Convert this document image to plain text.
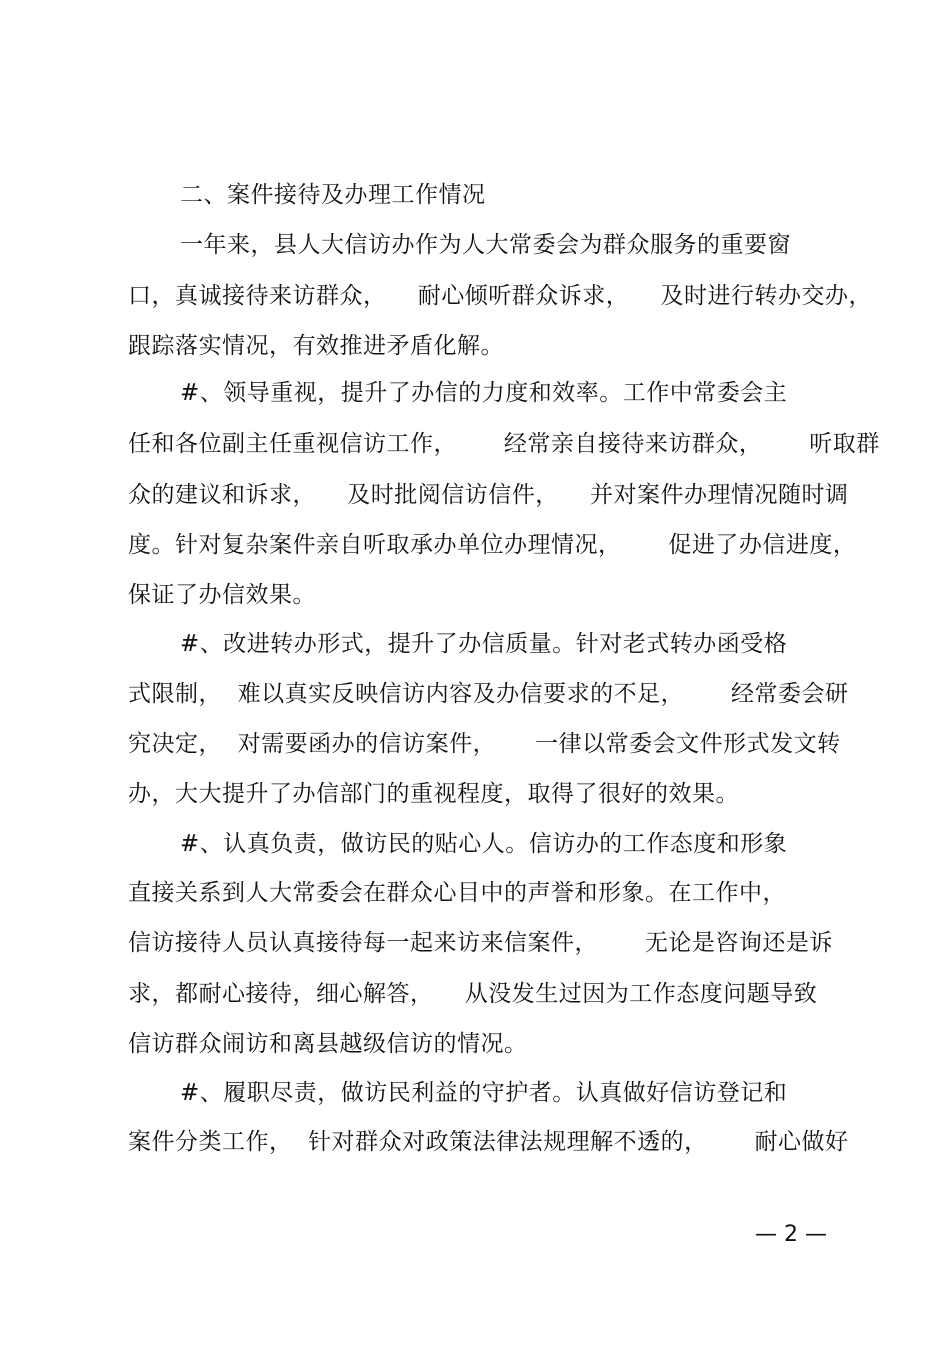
二、案件接待及办理工作情况
一年来，县人大信访办作为人大常委会为群众服务的重要窗
口，真诚接待来访群众，    耐心倾听群众诉求，    及时进行转办交办，
跟踪落实情况，有效推进矛盾化解。
#、领导重视，提升了办信的力度和效率。工作中常委会主
任和各位副主任重视信访工作，      经常亲自接待来访群众，      听取群
众的建议和诉求，    及时批阅信访信件，    并对案件办理情况随时调
度。针对复杂案件亲自听取承办单位办理情况，      促进了办信进度，
保证了办信效果。
#、改进转办形式，提升了办信质量。针对老式转办函受格
式限制，  难以真实反映信访内容及办信要求的不足，      经常委会研
究决定，  对需要函办的信访案件，     一律以常委会文件形式发文转
办，大大提升了办信部门的重视程度，取得了很好的效果。
#、认真负责，做访民的贴心人。信访办的工作态度和形象
直接关系到人大常委会在群众心目中的声誉和形象。在工作中，
信访接待人员认真接待每一起来访来信案件，      无论是咨询还是诉
求，都耐心接待，细心解答，    从没发生过因为工作态度问题导致
信访群众闹访和离县越级信访的情况。
#、履职尽责，做访民利益的守护者。认真做好信访登记和
案件分类工作，  针对群众对政策法律法规理解不透的，      耐心做好
— 2 —
